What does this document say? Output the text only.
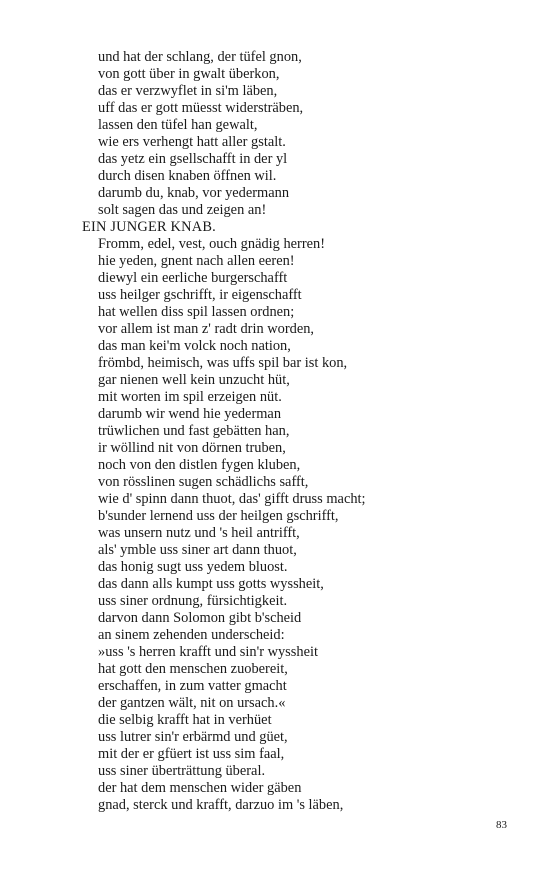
und hat der schlang, der tüfel gnon,
von gott über in gwalt überkon,
das er verzwyflet in si'm läben,
uff das er gott müesst widersträben,
lassen den tüfel han gewalt,
wie ers verhengt hatt aller gstalt.
das yetz ein gsellschafft in der yl
durch disen knaben öffnen wil.
darumb du, knab, vor yedermann
solt sagen das und zeigen an!
EIN JUNGER KNAB.
Fromm, edel, vest, ouch gnädig herren!
hie yeden, gnent nach allen eeren!
diewyl ein eerliche burgerschafft
uss heilger gschrifft, ir eigenschafft
hat wellen diss spil lassen ordnen;
vor allem ist man z' radt drin worden,
das man kei'm volck noch nation,
frömbd, heimisch, was uffs spil bar ist kon,
gar nienen well kein unzucht hüt,
mit worten im spil erzeigen nüt.
darumb wir wend hie yederman
trüwlichen und fast gebätten han,
ir wöllind nit von dörnen truben,
noch von den distlen fygen kluben,
von rösslinen sugen schädlichs safft,
wie d' spinn dann thuot, das' gifft druss macht;
b'sunder lernend uss der heilgen gschrifft,
was unsern nutz und 's heil antrifft,
als' ymble uss siner art dann thuot,
das honig sugt uss yedem bluost.
das dann alls kumpt uss gotts wyssheit,
uss siner ordnung, fürsichtigkeit.
darvon dann Solomon gibt b'scheid
an sinem zehenden underscheid:
»uss 's herren krafft und sin'r wyssheit
hat gott den menschen zuobereit,
erschaffen, in zum vatter gmacht
der gantzen wält, nit on ursach.«
die selbig krafft hat in verhüet
uss lutrer sin'r erbärmd und güet,
mit der er gfüert ist uss sim faal,
uss siner überträttung überal.
der hat dem menschen wider gäben
gnad, sterck und krafft, darzuo im 's läben,
83
